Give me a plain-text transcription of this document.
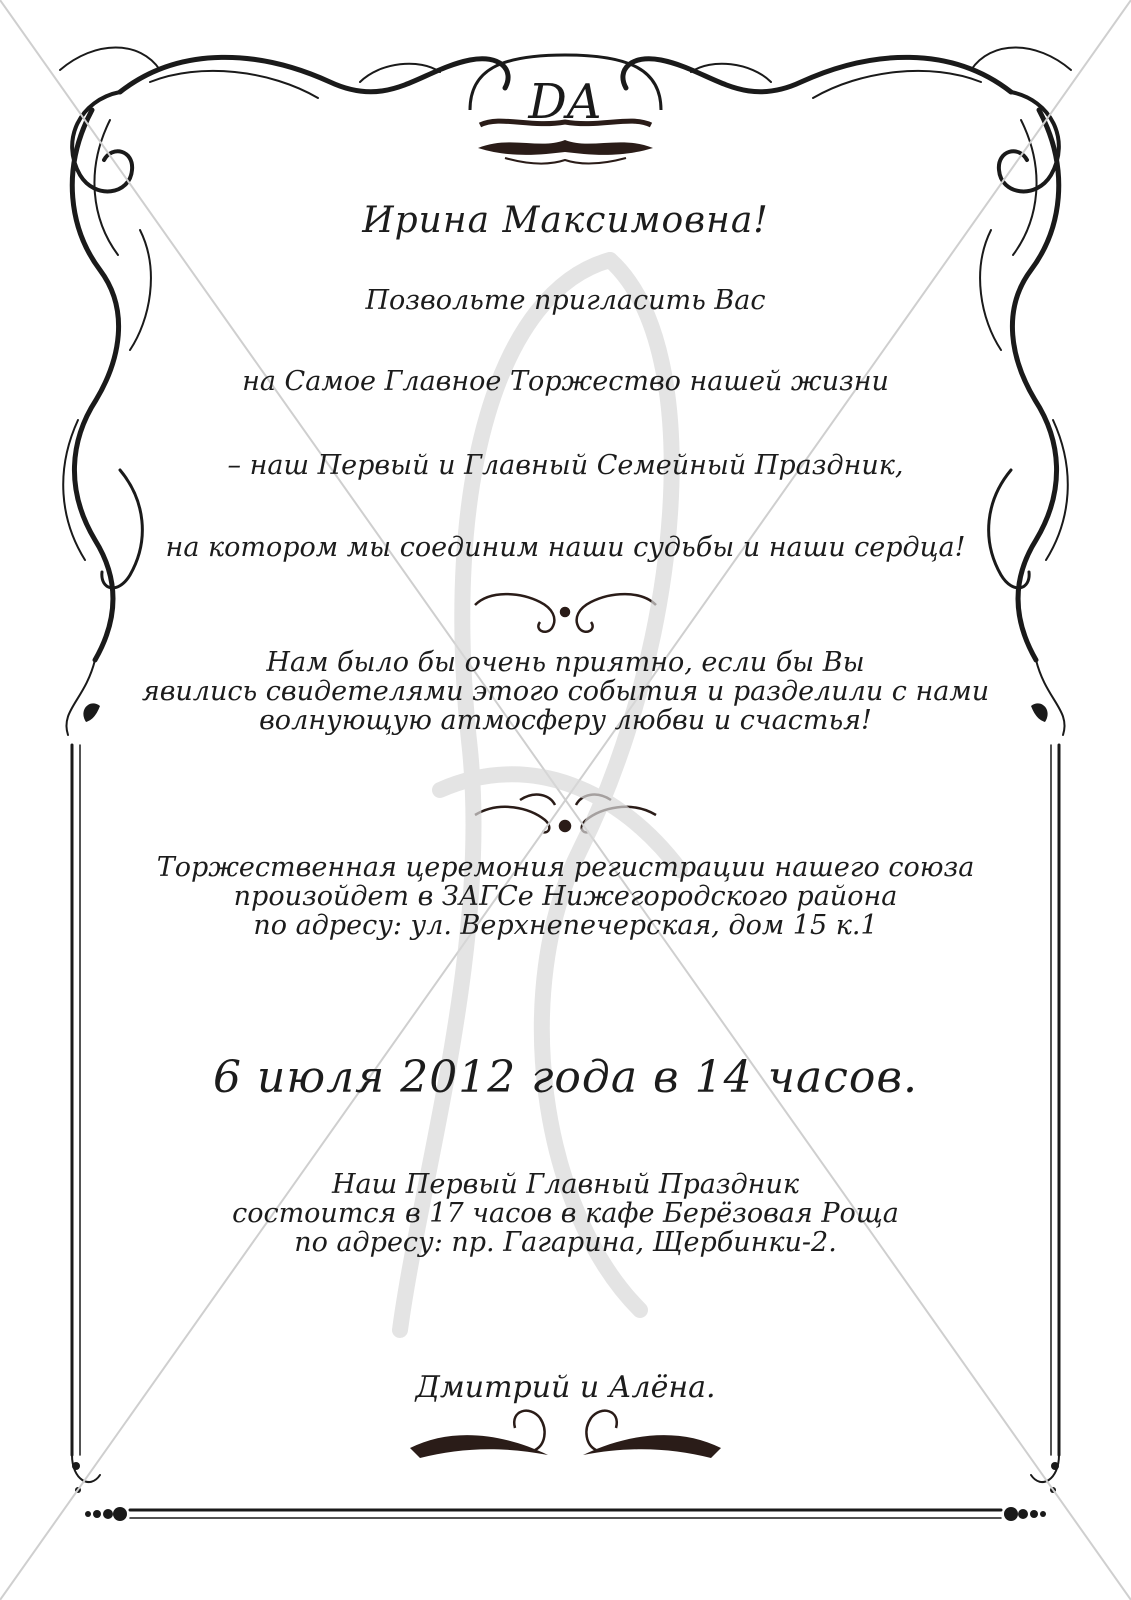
DA
Ирина Максимовна!
Позвольте пригласить Вас
на Самое Главное Торжество нашей жизни
– наш Первый и Главный Семейный Праздник,
на котором мы соединим наши судьбы и наши сердца!
Нам было бы очень приятно, если бы Вы
явились свидетелями этого события и разделили с нами
волнующую атмосферу любви и счастья!
Торжественная церемония регистрации нашего союза
произойдет в ЗАГСе Нижегородского района
по адресу: ул. Верхнепечерская, дом 15 к.1
6 июля 2012 года в 14 часов.
Наш Первый Главный Праздник
состоится в 17 часов в кафе Берёзовая Роща
по адресу: пр. Гагарина, Щербинки-2.
Дмитрий и Алёна.
